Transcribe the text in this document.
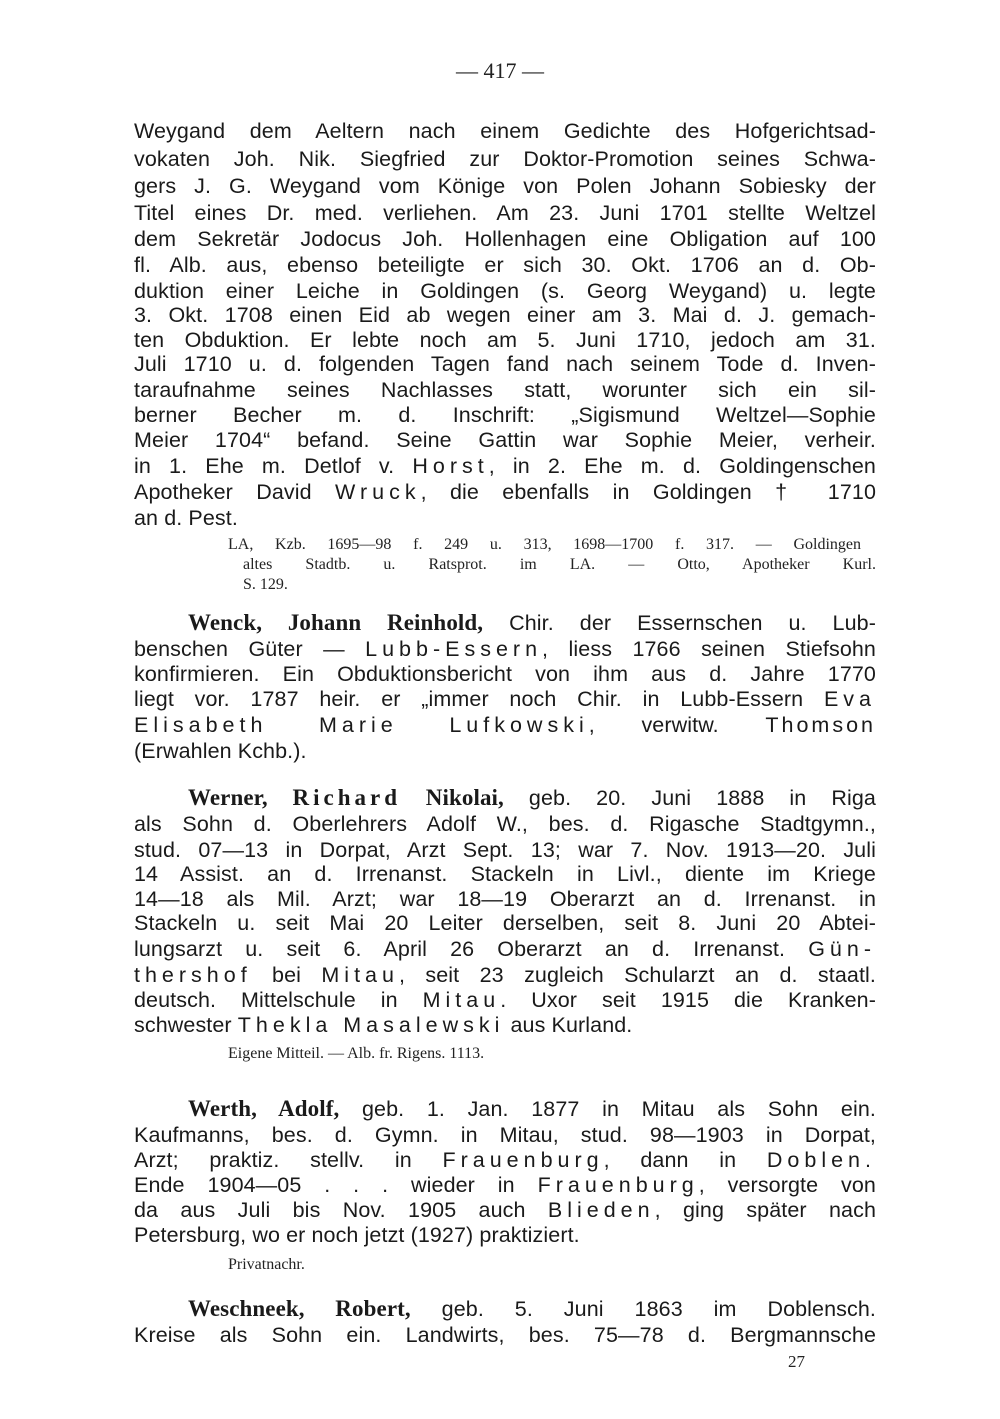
— 417 —
Weygand dem Aeltern nach einem Gedichte des Hofgerichtsad-
vokaten Joh. Nik. Siegfried zur Doktor-Promotion seines Schwa-
gers J. G. Weygand vom Könige von Polen Johann Sobiesky der
Titel eines Dr. med. verliehen. Am 23. Juni 1701 stellte Weltzel
dem Sekretär Jodocus Joh. Hollenhagen eine Obligation auf 100
fl. Alb. aus, ebenso beteiligte er sich 30. Okt. 1706 an d. Ob-
duktion einer Leiche in Goldingen (s. Georg Weygand) u. legte
3. Okt. 1708 einen Eid ab wegen einer am 3. Mai d. J. gemach-
ten Obduktion. Er lebte noch am 5. Juni 1710, jedoch am 31.
Juli 1710 u. d. folgenden Tagen fand nach seinem Tode d. Inven-
taraufnahme seines Nachlasses statt, worunter sich ein sil-
berner Becher m. d. Inschrift: „Sigismund Weltzel—Sophie
Meier 1704“ befand. Seine Gattin war Sophie Meier, verheir.
in 1. Ehe m. Detlof v. Horst, in 2. Ehe m. d. Goldingenschen
Apotheker David Wruck, die ebenfalls in Goldingen † 1710
an d. Pest.
LA, Kzb. 1695—98 f. 249 u. 313, 1698—1700 f. 317. — Goldingen
altes Stadtb. u. Ratsprot. im LA. — Otto, Apotheker Kurl.
S. 129.
Wenck, Johann Reinhold, Chir. der Essernschen u. Lub-
benschen Güter — Lubb-Essern, liess 1766 seinen Stiefsohn
konfirmieren. Ein Obduktionsbericht von ihm aus d. Jahre 1770
liegt vor. 1787 heir. er „immer noch Chir. in Lubb-Essern Eva
Elisabeth Marie Lufkowski, verwitw. Thomson
(Erwahlen Kchb.).
Werner, Richard Nikolai, geb. 20. Juni 1888 in Riga
als Sohn d. Oberlehrers Adolf W., bes. d. Rigasche Stadtgymn.,
stud. 07—13 in Dorpat, Arzt Sept. 13; war 7. Nov. 1913—20. Juli
14 Assist. an d. Irrenanst. Stackeln in Livl., diente im Kriege
14—18 als Mil. Arzt; war 18—19 Oberarzt an d. Irrenanst. in
Stackeln u. seit Mai 20 Leiter derselben, seit 8. Juni 20 Abtei-
lungsarzt u. seit 6. April 26 Oberarzt an d. Irrenanst. Gün-
thershof bei Mitau, seit 23 zugleich Schularzt an d. staatl.
deutsch. Mittelschule in Mitau. Uxor seit 1915 die Kranken-
schwester Thekla Masalewski aus Kurland.
Eigene Mitteil. — Alb. fr. Rigens. 1113.
Werth, Adolf, geb. 1. Jan. 1877 in Mitau als Sohn ein.
Kaufmanns, bes. d. Gymn. in Mitau, stud. 98—1903 in Dorpat,
Arzt; praktiz. stellv. in Frauenburg, dann in Doblen.
Ende 1904—05 . . . wieder in Frauenburg, versorgte von
da aus Juli bis Nov. 1905 auch Blieden, ging später nach
Petersburg, wo er noch jetzt (1927) praktiziert.
Privatnachr.
Weschneek, Robert, geb. 5. Juni 1863 im Doblensch.
Kreise als Sohn ein. Landwirts, bes. 75—78 d. Bergmannsche
27
